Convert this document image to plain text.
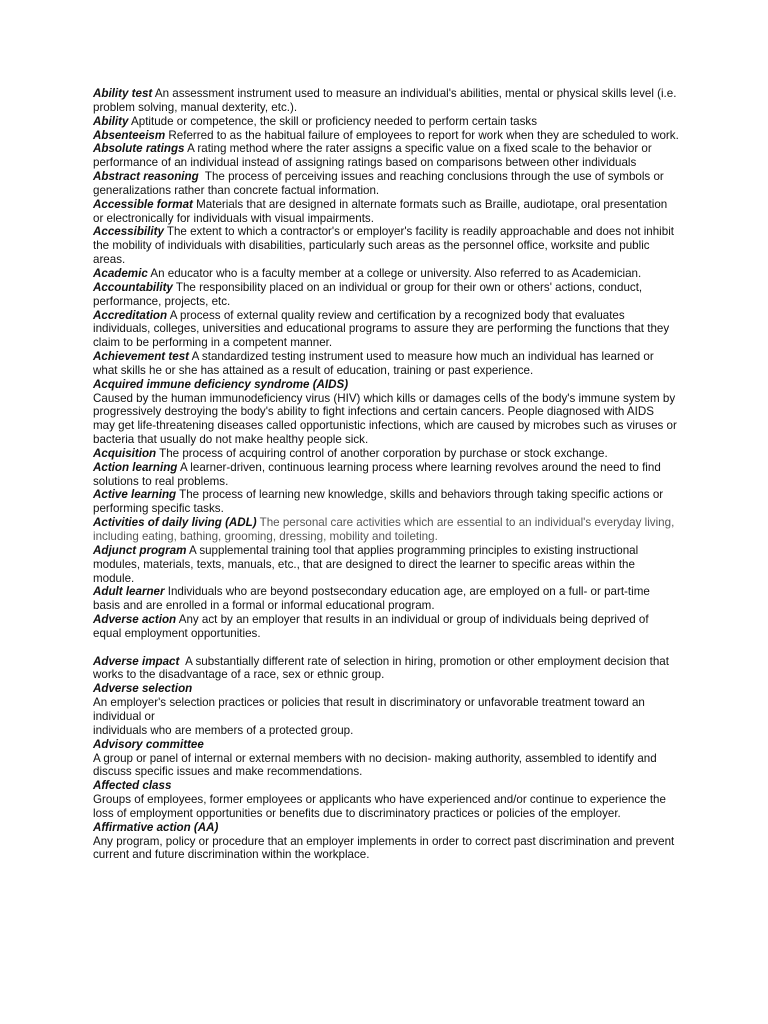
Ability test An assessment instrument used to measure an individual's abilities, mental or physical skills level (i.e. problem solving, manual dexterity, etc.).
Ability Aptitude or competence, the skill or proficiency needed to perform certain tasks
Absenteeism Referred to as the habitual failure of employees to report for work when they are scheduled to work.
Absolute ratings A rating method where the rater assigns a specific value on a fixed scale to the behavior or performance of an individual instead of assigning ratings based on comparisons between other individuals
Abstract reasoning The process of perceiving issues and reaching conclusions through the use of symbols or generalizations rather than concrete factual information.
Accessible format Materials that are designed in alternate formats such as Braille, audiotape, oral presentation or electronically for individuals with visual impairments.
Accessibility The extent to which a contractor's or employer's facility is readily approachable and does not inhibit the mobility of individuals with disabilities, particularly such areas as the personnel office, worksite and public areas.
Academic An educator who is a faculty member at a college or university. Also referred to as Academician.
Accountability The responsibility placed on an individual or group for their own or others' actions, conduct, performance, projects, etc.
Accreditation A process of external quality review and certification by a recognized body that evaluates individuals, colleges, universities and educational programs to assure they are performing the functions that they claim to be performing in a competent manner.
Achievement test A standardized testing instrument used to measure how much an individual has learned or what skills he or she has attained as a result of education, training or past experience.
Acquired immune deficiency syndrome (AIDS)
Caused by the human immunodeficiency virus (HIV) which kills or damages cells of the body's immune system by progressively destroying the body's ability to fight infections and certain cancers. People diagnosed with AIDS may get life-threatening diseases called opportunistic infections, which are caused by microbes such as viruses or bacteria that usually do not make healthy people sick.
Acquisition The process of acquiring control of another corporation by purchase or stock exchange.
Action learning A learner-driven, continuous learning process where learning revolves around the need to find solutions to real problems.
Active learning The process of learning new knowledge, skills and behaviors through taking specific actions or performing specific tasks.
Activities of daily living (ADL) The personal care activities which are essential to an individual's everyday living, including eating, bathing, grooming, dressing, mobility and toileting.
Adjunct program A supplemental training tool that applies programming principles to existing instructional modules, materials, texts, manuals, etc., that are designed to direct the learner to specific areas within the module.
Adult learner Individuals who are beyond postsecondary education age, are employed on a full- or part-time basis and are enrolled in a formal or informal educational program.
Adverse action Any act by an employer that results in an individual or group of individuals being deprived of equal employment opportunities.
Adverse impact A substantially different rate of selection in hiring, promotion or other employment decision that works to the disadvantage of a race, sex or ethnic group.
Adverse selection
An employer's selection practices or policies that result in discriminatory or unfavorable treatment toward an individual or
individuals who are members of a protected group.
Advisory committee
A group or panel of internal or external members with no decision- making authority, assembled to identify and discuss specific issues and make recommendations.
Affected class
Groups of employees, former employees or applicants who have experienced and/or continue to experience the loss of employment opportunities or benefits due to discriminatory practices or policies of the employer.
Affirmative action (AA)
Any program, policy or procedure that an employer implements in order to correct past discrimination and prevent current and future discrimination within the workplace.
